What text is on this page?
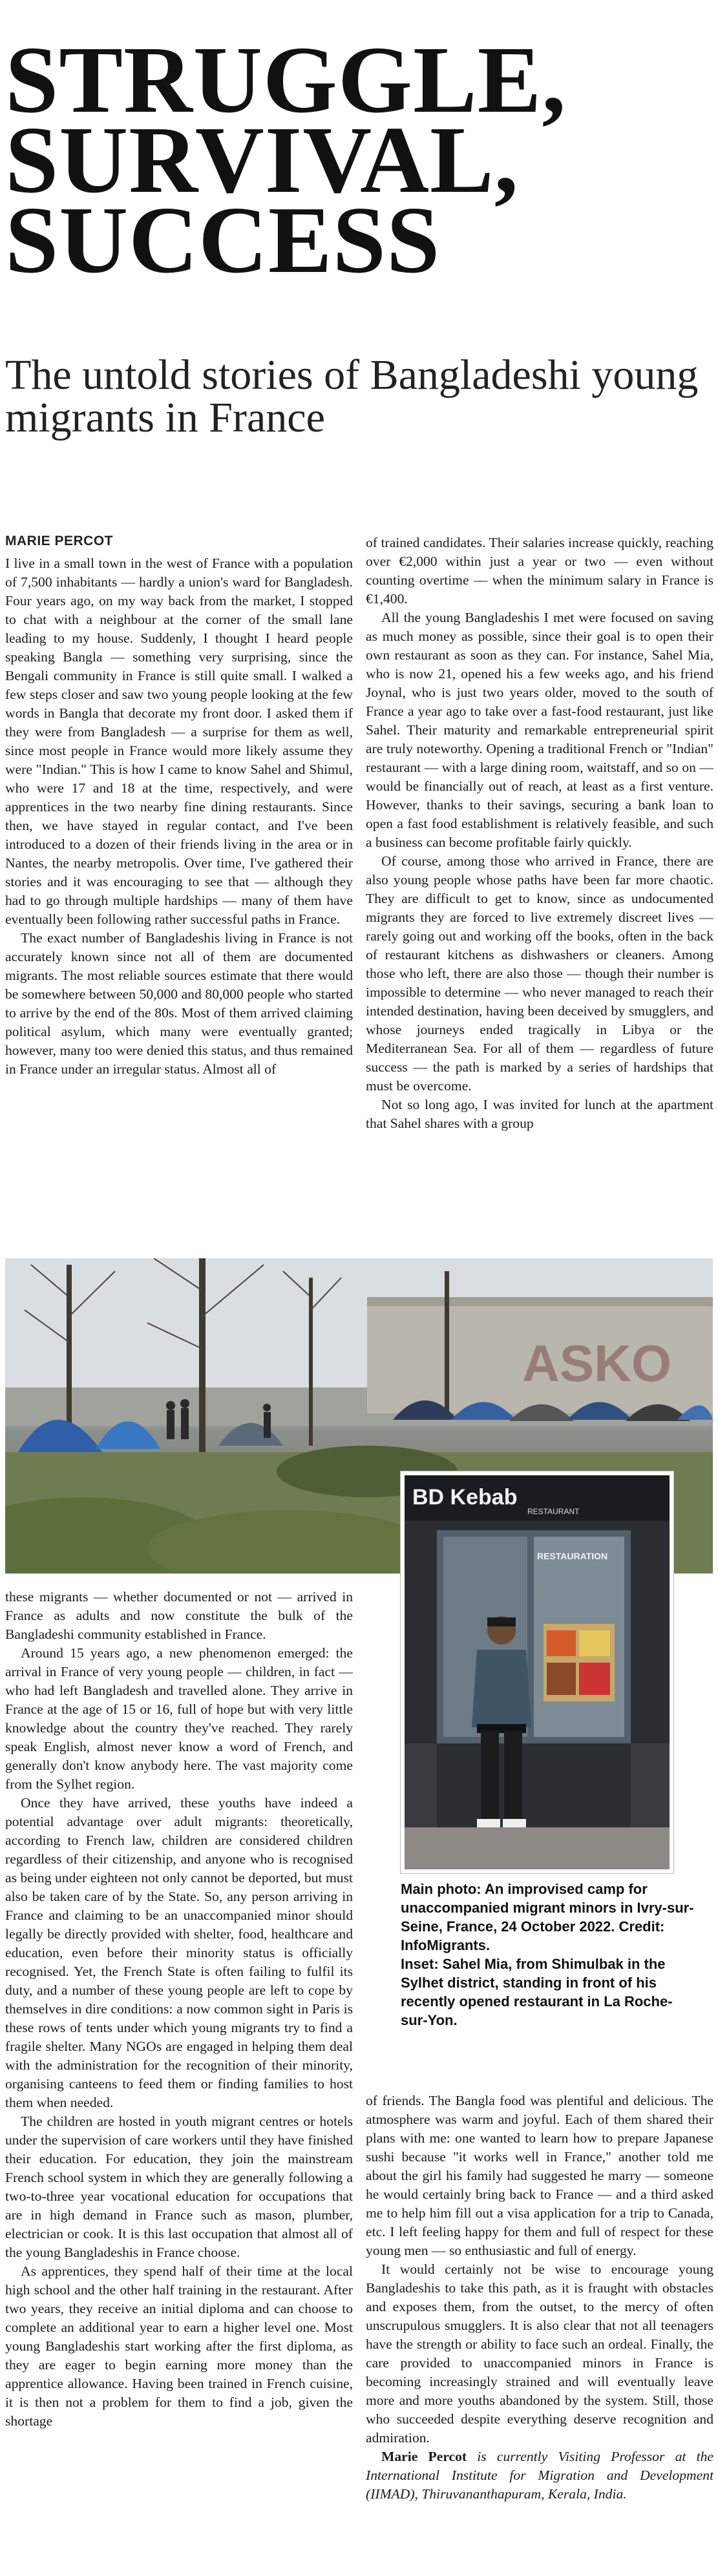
STRUGGLE,
SURVIVAL,
SUCCESS
The untold stories of Bangladeshi young migrants in France
MARIE PERCOT

I live in a small town in the west of France with a population of 7,500 inhabitants — hardly a union's ward for Bangladesh. Four years ago, on my way back from the market, I stopped to chat with a neighbour at the corner of the small lane leading to my house. Suddenly, I thought I heard people speaking Bangla — something very surprising, since the Bengali community in France is still quite small. I walked a few steps closer and saw two young people looking at the few words in Bangla that decorate my front door. I asked them if they were from Bangladesh — a surprise for them as well, since most people in France would more likely assume they were "Indian." This is how I came to know Sahel and Shimul, who were 17 and 18 at the time, respectively, and were apprentices in the two nearby fine dining restaurants. Since then, we have stayed in regular contact, and I've been introduced to a dozen of their friends living in the area or in Nantes, the nearby metropolis. Over time, I've gathered their stories and it was encouraging to see that — although they had to go through multiple hardships — many of them have eventually been following rather successful paths in France.

The exact number of Bangladeshis living in France is not accurately known since not all of them are documented migrants. The most reliable sources estimate that there would be somewhere between 50,000 and 80,000 people who started to arrive by the end of the 80s. Most of them arrived claiming political asylum, which many were eventually granted; however, many too were denied this status, and thus remained in France under an irregular status. Almost all of

of trained candidates. Their salaries increase quickly, reaching over €2,000 within just a year or two — even without counting overtime — when the minimum salary in France is €1,400.

All the young Bangladeshis I met were focused on saving as much money as possible, since their goal is to open their own restaurant as soon as they can. For instance, Sahel Mia, who is now 21, opened his a few weeks ago, and his friend Joynal, who is just two years older, moved to the south of France a year ago to take over a fast-food restaurant, just like Sahel. Their maturity and remarkable entrepreneurial spirit are truly noteworthy. Opening a traditional French or "Indian" restaurant — with a large dining room, waitstaff, and so on — would be financially out of reach, at least as a first venture. However, thanks to their savings, securing a bank loan to open a fast food establishment is relatively feasible, and such a business can become profitable fairly quickly.

Of course, among those who arrived in France, there are also young people whose paths have been far more chaotic. They are difficult to get to know, since as undocumented migrants they are forced to live extremely discreet lives — rarely going out and working off the books, often in the back of restaurant kitchens as dishwashers or cleaners. Among those who left, there are also those — though their number is impossible to determine — who never managed to reach their intended destination, having been deceived by smugglers, and whose journeys ended tragically in Libya or the Mediterranean Sea. For all of them — regardless of future success — the path is marked by a series of hardships that must be overcome.

Not so long ago, I was invited for lunch at the apartment that Sahel shares with a group

ASKO
BD Kebab
RESTAURANT
RESTAURATION

these migrants — whether documented or not — arrived in France as adults and now constitute the bulk of the Bangladeshi community established in France.

Around 15 years ago, a new phenomenon emerged: the arrival in France of very young people — children, in fact — who had left Bangladesh and travelled alone. They arrive in France at the age of 15 or 16, full of hope but with very little knowledge about the country they've reached. They rarely speak English, almost never know a word of French, and generally don't know anybody here. The vast majority come from the Sylhet region.

Once they have arrived, these youths have indeed a potential advantage over adult migrants: theoretically, according to French law, children are considered children regardless of their citizenship, and anyone who is recognised as being under eighteen not only cannot be deported, but must also be taken care of by the State. So, any person arriving in France and claiming to be an unaccompanied minor should legally be directly provided with shelter, food, healthcare and education, even before their minority status is officially recognised. Yet, the French State is often failing to fulfil its duty, and a number of these young people are left to cope by themselves in dire conditions: a now common sight in Paris is these rows of tents under which young migrants try to find a fragile shelter. Many NGOs are engaged in helping them deal with the administration for the recognition of their minority, organising canteens to feed them or finding families to host them when needed.

The children are hosted in youth migrant centres or hotels under the supervision of care workers until they have finished their education. For education, they join the mainstream French school system in which they are generally following a two-to-three year vocational education for occupations that are in high demand in France such as mason, plumber, electrician or cook. It is this last occupation that almost all of the young Bangladeshis in France choose.

As apprentices, they spend half of their time at the local high school and the other half training in the restaurant. After two years, they receive an initial diploma and can choose to complete an additional year to earn a higher level one. Most young Bangladeshis start working after the first diploma, as they are eager to begin earning more money than the apprentice allowance. Having been trained in French cuisine, it is then not a problem for them to find a job, given the shortage

Main photo: An improvised camp for unaccompanied migrant minors in Ivry-sur-Seine, France, 24 October 2022. Credit: InfoMigrants.

Inset: Sahel Mia, from Shimulbak in the Sylhet district, standing in front of his recently opened restaurant in La Roche-sur-Yon.

of friends. The Bangla food was plentiful and delicious. The atmosphere was warm and joyful. Each of them shared their plans with me: one wanted to learn how to prepare Japanese sushi because "it works well in France," another told me about the girl his family had suggested he marry — someone he would certainly bring back to France — and a third asked me to help him fill out a visa application for a trip to Canada, etc. I left feeling happy for them and full of respect for these young men — so enthusiastic and full of energy.

It would certainly not be wise to encourage young Bangladeshis to take this path, as it is fraught with obstacles and exposes them, from the outset, to the mercy of often unscrupulous smugglers. It is also clear that not all teenagers have the strength or ability to face such an ordeal. Finally, the care provided to unaccompanied minors in France is becoming increasingly strained and will eventually leave more and more youths abandoned by the system. Still, those who succeeded despite everything deserve recognition and admiration.

Marie Percot is currently Visiting Professor at the International Institute for Migration and Development (IIMAD), Thiruvananthapuram, Kerala, India.
